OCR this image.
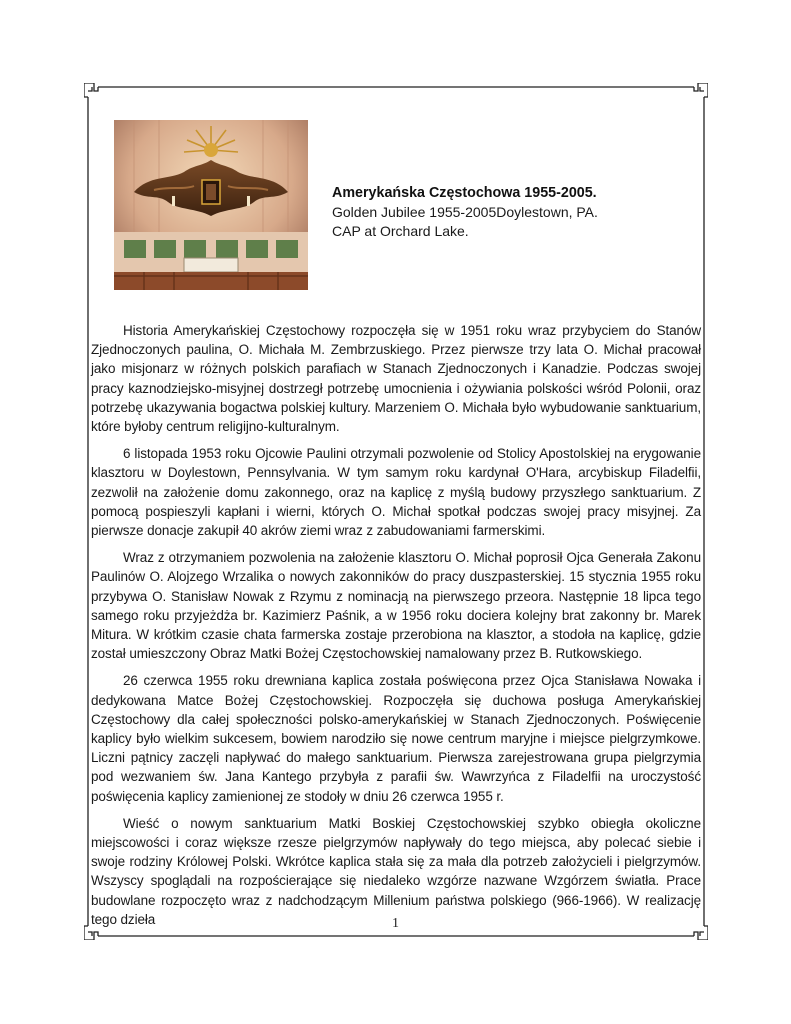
Amerykańska Częstochowa 1955-2005.

Golden Jubilee 1955-2005Doylestown, PA.

CAP at Orchard Lake.

Historia Amerykańskiej Częstochowy rozpoczęła się w 1951 roku wraz przybyciem do Stanów Zjednoczonych paulina, O. Michała M. Zembrzuskiego. Przez pierwsze trzy lata O. Michał pracował jako misjonarz w różnych polskich parafiach w Stanach Zjednoczonych i Kanadzie. Podczas swojej pracy kaznodziejsko-misyjnej dostrzegł potrzebę umocnienia i ożywiania polskości wśród Polonii, oraz potrzebę ukazywania bogactwa polskiej kultury. Marzeniem O. Michała było wybudowanie sanktuarium, które byłoby centrum religijno-kulturalnym.

6 listopada 1953 roku Ojcowie Paulini otrzymali pozwolenie od Stolicy Apostolskiej na erygowanie klasztoru w Doylestown, Pennsylvania. W tym samym roku kardynał O'Hara, arcybiskup Filadelfii, zezwolił na założenie domu zakonnego, oraz na kaplicę z myślą budowy przyszłego sanktuarium. Z pomocą pospieszyli kapłani i wierni, których O. Michał spotkał podczas swojej pracy misyjnej. Za pierwsze donacje zakupił 40 akrów ziemi wraz z zabudowaniami farmerskimi.

Wraz z otrzymaniem pozwolenia na założenie klasztoru O. Michał poprosił Ojca Generała Zakonu Paulinów O. Alojzego Wrzalika o nowych zakonników do pracy duszpasterskiej. 15 stycznia 1955 roku przybywa O. Stanisław Nowak z Rzymu z nominacją na pierwszego przeora. Następnie 18 lipca tego samego roku przyjeżdża br. Kazimierz Paśnik, a w 1956 roku dociera kolejny brat zakonny br. Marek Mitura. W krótkim czasie chata farmerska zostaje przerobiona na klasztor, a stodoła na kaplicę, gdzie został umieszczony Obraz Matki Bożej Częstochowskiej namalowany przez B. Rutkowskiego.

26 czerwca 1955 roku drewniana kaplica została poświęcona przez Ojca Stanisława Nowaka i dedykowana Matce Bożej Częstochowskiej. Rozpoczęła się duchowa posługa Amerykańskiej Częstochowy dla całej społeczności polsko-amerykańskiej w Stanach Zjednoczonych. Poświęcenie kaplicy było wielkim sukcesem, bowiem narodziło się nowe centrum maryjne i miejsce pielgrzymkowe. Liczni pątnicy zaczęli napływać do małego sanktuarium. Pierwsza zarejestrowana grupa pielgrzymia pod wezwaniem św. Jana Kantego przybyła z parafii św. Wawrzyńca z Filadelfii na uroczystość poświęcenia kaplicy zamienionej ze stodoły w dniu 26 czerwca 1955 r.

Wieść o nowym sanktuarium Matki Boskiej Częstochowskiej szybko obiegła okoliczne miejscowości i coraz większe rzesze pielgrzymów napływały do tego miejsca, aby polecać siebie i swoje rodziny Królowej Polski. Wkrótce kaplica stała się za mała dla potrzeb założycieli i pielgrzymów. Wszyscy spoglądali na rozpościerające się niedaleko wzgórze nazwane Wzgórzem światła. Prace budowlane rozpoczęto wraz z nadchodzącym Millenium państwa polskiego (966-1966). W realizację tego dzieła	1
